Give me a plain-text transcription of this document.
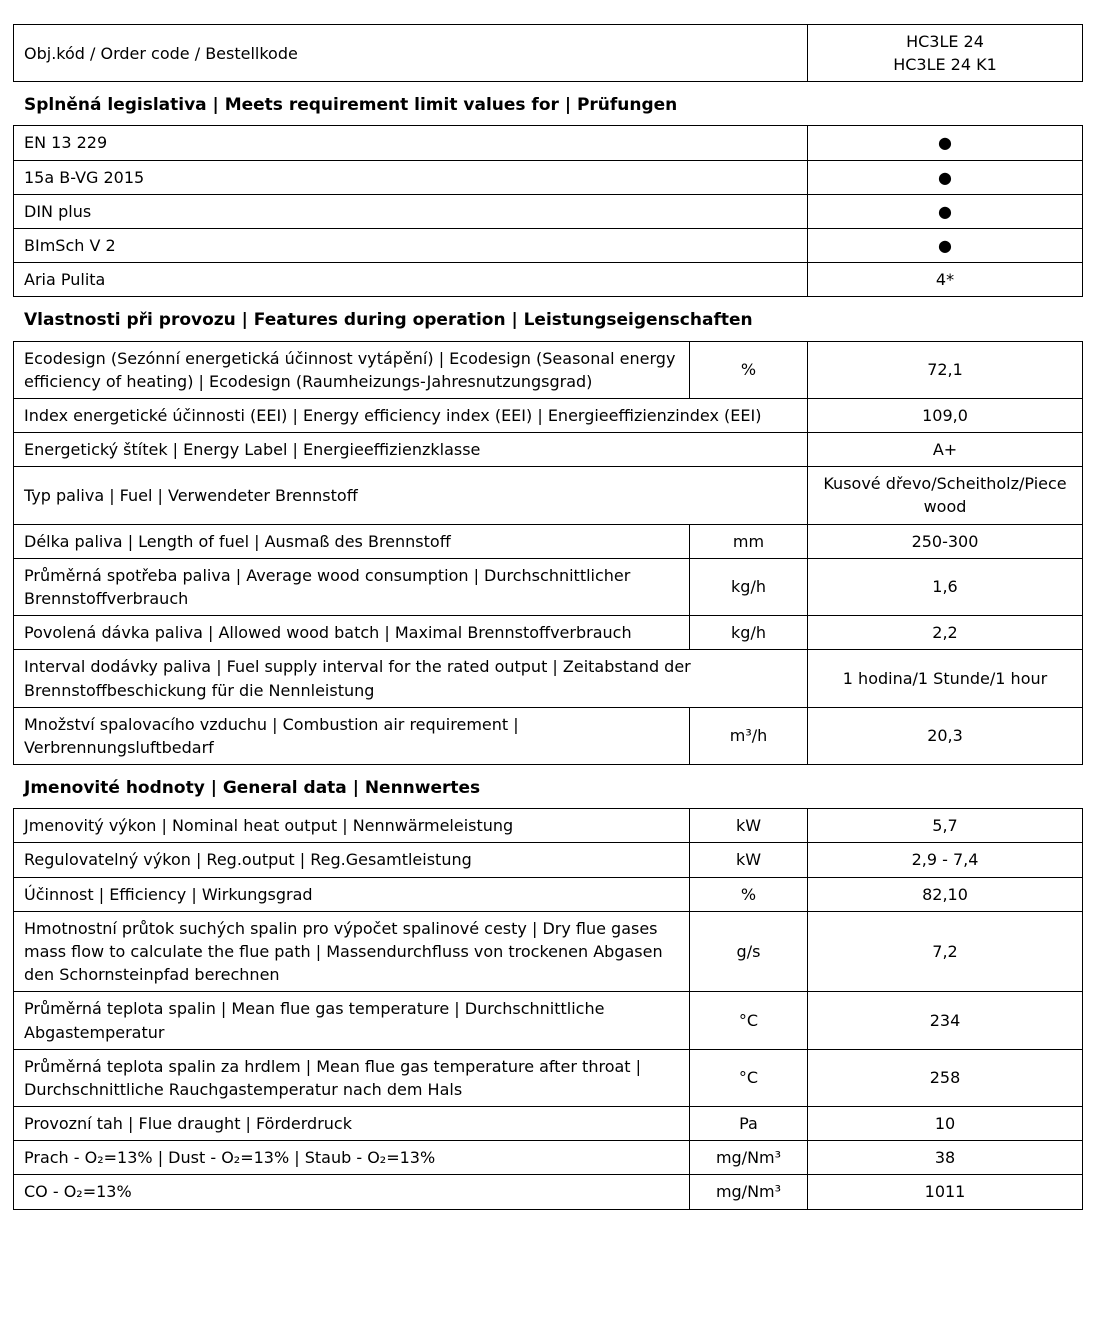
Obj.kód / Order code / Bestellkode	
HC3LE 24
HC3LE 24 K1
Splněná legislativa | Meets requirement limit values for | Prüfungen
EN 13 229	●
15a B-VG 2015	●
DIN plus	●
BImSch V 2	●
Aria Pulita	4*
Vlastnosti při provozu | Features during operation | Leistungseigenschaften
Ecodesign (Sezónní energetická účinnost vytápění) | Ecodesign (Seasonal energy efficiency of heating) | Ecodesign (Raumheizungs-Jahresnutzungsgrad)	%	72,1
Index energetické účinnosti (EEI) | Energy efficiency index (EEI) | Energieeffizienzindex (EEI)		109,0
Energetický štítek | Energy Label | Energieeffizienzklasse		A+
Typ paliva | Fuel | Verwendeter Brennstoff		Kusové dřevo/Scheitholz/Piece wood
Délka paliva | Length of fuel | Ausmaß des Brennstoff	mm	250-300
Průměrná spotřeba paliva | Average wood consumption | Durchschnittlicher Brennstoffverbrauch	kg/h	1,6
Povolená dávka paliva | Allowed wood batch | Maximal Brennstoffverbrauch	kg/h	2,2
Interval dodávky paliva | Fuel supply interval for the rated output | Zeitabstand der Brennstoffbeschickung für die Nennleistung		1 hodina/1 Stunde/1 hour
Množství spalovacího vzduchu | Combustion air requirement | Verbrennungsluftbedarf	m³/h	20,3
Jmenovité hodnoty | General data | Nennwertes
Jmenovitý výkon | Nominal heat output | Nennwärmeleistung	kW	5,7
Regulovatelný výkon | Reg.output | Reg.Gesamtleistung	kW	2,9 - 7,4
Účinnost | Efficiency | Wirkungsgrad	%	82,10
Hmotnostní průtok suchých spalin pro výpočet spalinové cesty | Dry flue gases mass flow to calculate the flue path | Massendurchfluss von trockenen Abgasen den Schornsteinpfad berechnen	g/s	7,2
Průměrná teplota spalin | Mean flue gas temperature | Durchschnittliche Abgastemperatur	°C	234
Průměrná teplota spalin za hrdlem | Mean flue gas temperature after throat | Durchschnittliche Rauchgastemperatur nach dem Hals	°C	258
Provozní tah | Flue draught | Förderdruck	Pa	10
Prach - O₂=13% | Dust - O₂=13% | Staub - O₂=13%	mg/Nm³	38
CO - O₂=13%	mg/Nm³	1011
